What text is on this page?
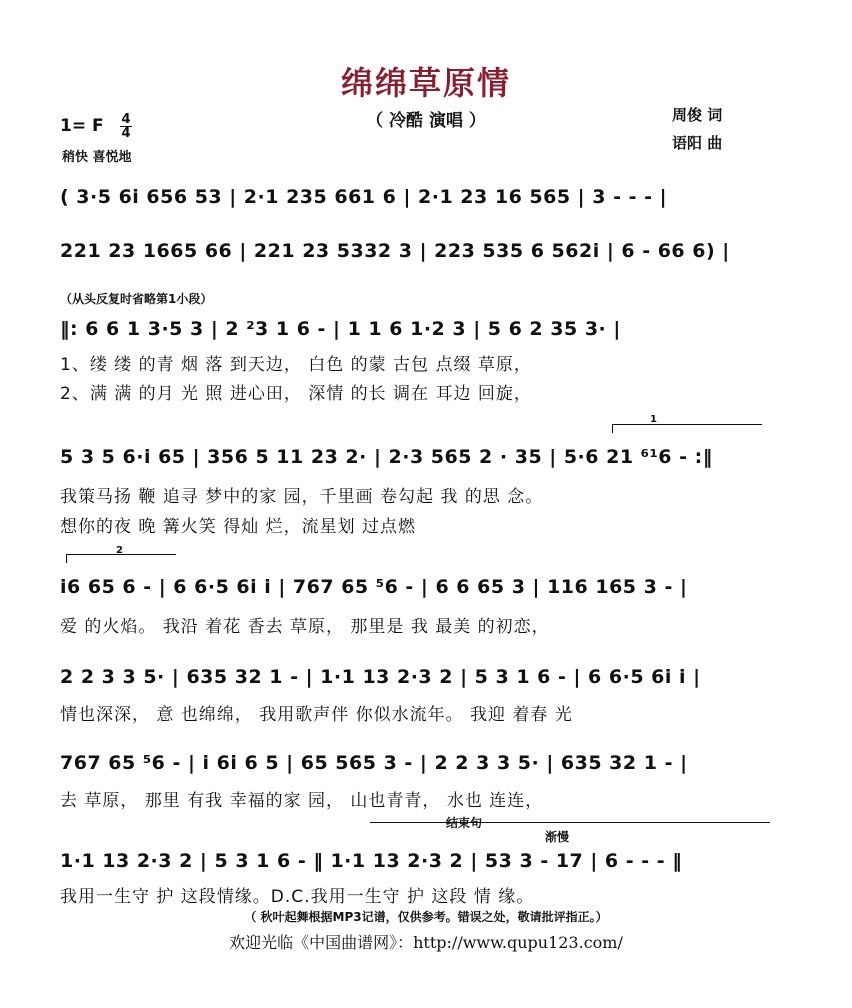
绵绵草原情
（ 冷酷 演唱 ）
1= F 4
4
稍快 喜悦地
周俊 词
语阳 曲
( 3·5 6i 656 53 | 2·1 235 661 6 | 2·1 23 16 565 | 3 - - - |
221 23 1665 66 | 221 23 5332 3 | 223 535 6 562i | 6 - 66 6) |
（从头反复时省略第1小段）
‖: 6 6 1 3·5 3 | 2 ²3 1 6 - | 1 1 6 1·2 3 | 5 6 2 35 3· |
1、缕 缕 的青 烟 落 到天边， 白色 的蒙 古包 点缀 草原，
2、满 满 的月 光 照 进心田， 深情 的长 调在 耳边 回旋，
1
5 3 5 6·i 65 | 356 5 11 23 2· | 2·3 565 2 · 35 | 5·6 21 ⁶¹6 - :‖
我策马扬 鞭 追寻 梦中的家 园，千里画 卷勾起 我 的思 念。
想你的夜 晚 篝火笑 得灿 烂，流星划 过点燃
2
i6 65 6 - | 6 6·5 6i i | 767 65 ⁵6 - | 6 6 65 3 | 116 165 3 - |
爱 的火焰。 我沿 着花 香去 草原， 那里是 我 最美 的初恋，
2 2 3 3 5· | 635 32 1 - | 1·1 13 2·3 2 | 5 3 1 6 - | 6 6·5 6i i |
情也深深， 意 也绵绵， 我用歌声伴 你似水流年。 我迎 着春 光
767 65 ⁵6 - | i 6i 6 5 | 65 565 3 - | 2 2 3 3 5· | 635 32 1 - |
去 草原， 那里 有我 幸福的家 园， 山也青青， 水也 连连，
结束句
渐慢
1·1 13 2·3 2 | 5 3 1 6 - ‖ 1·1 13 2·3 2 | 53 3 - 17 | 6 - - - ‖
我用一生守 护 这段情缘。D.C.我用一生守 护 这段 情 缘。
（ 秋叶起舞根据MP3记谱，仅供参考。错误之处，敬请批评指正。）
欢迎光临《中国曲谱网》：http://www.qupu123.com/
